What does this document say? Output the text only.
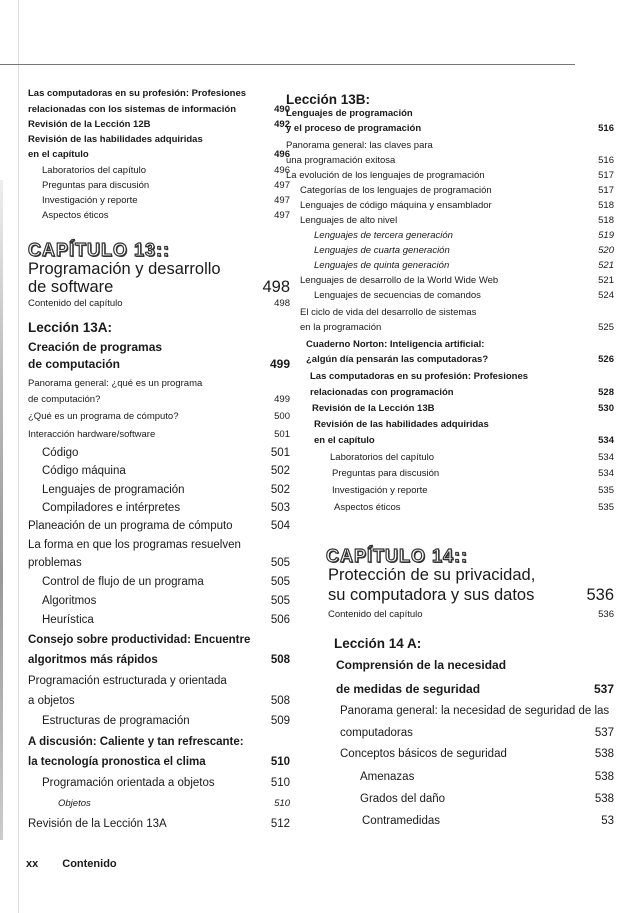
Las computadoras en su profesión: Profesiones
relacionadas con los sistemas de información	490
Revisión de la Lección 12B	492
Revisión de las habilidades adquiridas
en el capítulo	496
Laboratorios del capítulo	496
Preguntas para discusión	497
Investigación y reporte	497
Aspectos éticos	497
CAPÍTULO 13::
Programación y desarrollo
de software	498
Contenido del capítulo	498
Lección 13A:
Creación de programas
de computación	499
Panorama general: ¿qué es un programa
de computación?	499
¿Qué es un programa de cómputo?	500
Interacción hardware/software	501
Código	501
Código máquina	502
Lenguajes de programación	502
Compiladores e intérpretes	503
Planeación de un programa de cómputo	504
La forma en que los programas resuelven
problemas	505
Control de flujo de un programa	505
Algoritmos	505
Heurística	506
Consejo sobre productividad: Encuentre
algoritmos más rápidos	508
Programación estructurada y orientada
a objetos	508
Estructuras de programación	509
A discusión: Caliente y tan refrescante:
la tecnología pronostica el clima	510
Programación orientada a objetos	510
Objetos	510
Revisión de la Lección 13A	512
Lección 13B:
Lenguajes de programación
y el proceso de programación	516
Panorama general: las claves para
una programación exitosa	516
La evolución de los lenguajes de programación	517
Categorías de los lenguajes de programación	517
Lenguajes de código máquina y ensamblador	518
Lenguajes de alto nivel	518
Lenguajes de tercera generación	519
Lenguajes de cuarta generación	520
Lenguajes de quinta generación	521
Lenguajes de desarrollo de la World Wide Web	521
Lenguajes de secuencias de comandos	524
El ciclo de vida del desarrollo de sistemas
en la programación	525
Cuaderno Norton: Inteligencia artificial:
¿algún día pensarán las computadoras?	526
Las computadoras en su profesión: Profesiones
relacionadas con programación	528
Revisión de la Lección 13B	530
Revisión de las habilidades adquiridas
en el capítulo	534
Laboratorios del capítulo	534
Preguntas para discusión	534
Investigación y reporte	535
Aspectos éticos	535
CAPÍTULO 14::
Protección de su privacidad,
su computadora y sus datos	536
Contenido del capítulo	536
Lección 14 A:
Comprensión de la necesidad
de medidas de seguridad	537
Panorama general: la necesidad de seguridad de las
computadoras	537
Conceptos básicos de seguridad	538
Amenazas	538
Grados del daño	538
Contramedidas	53
xx Contenido
